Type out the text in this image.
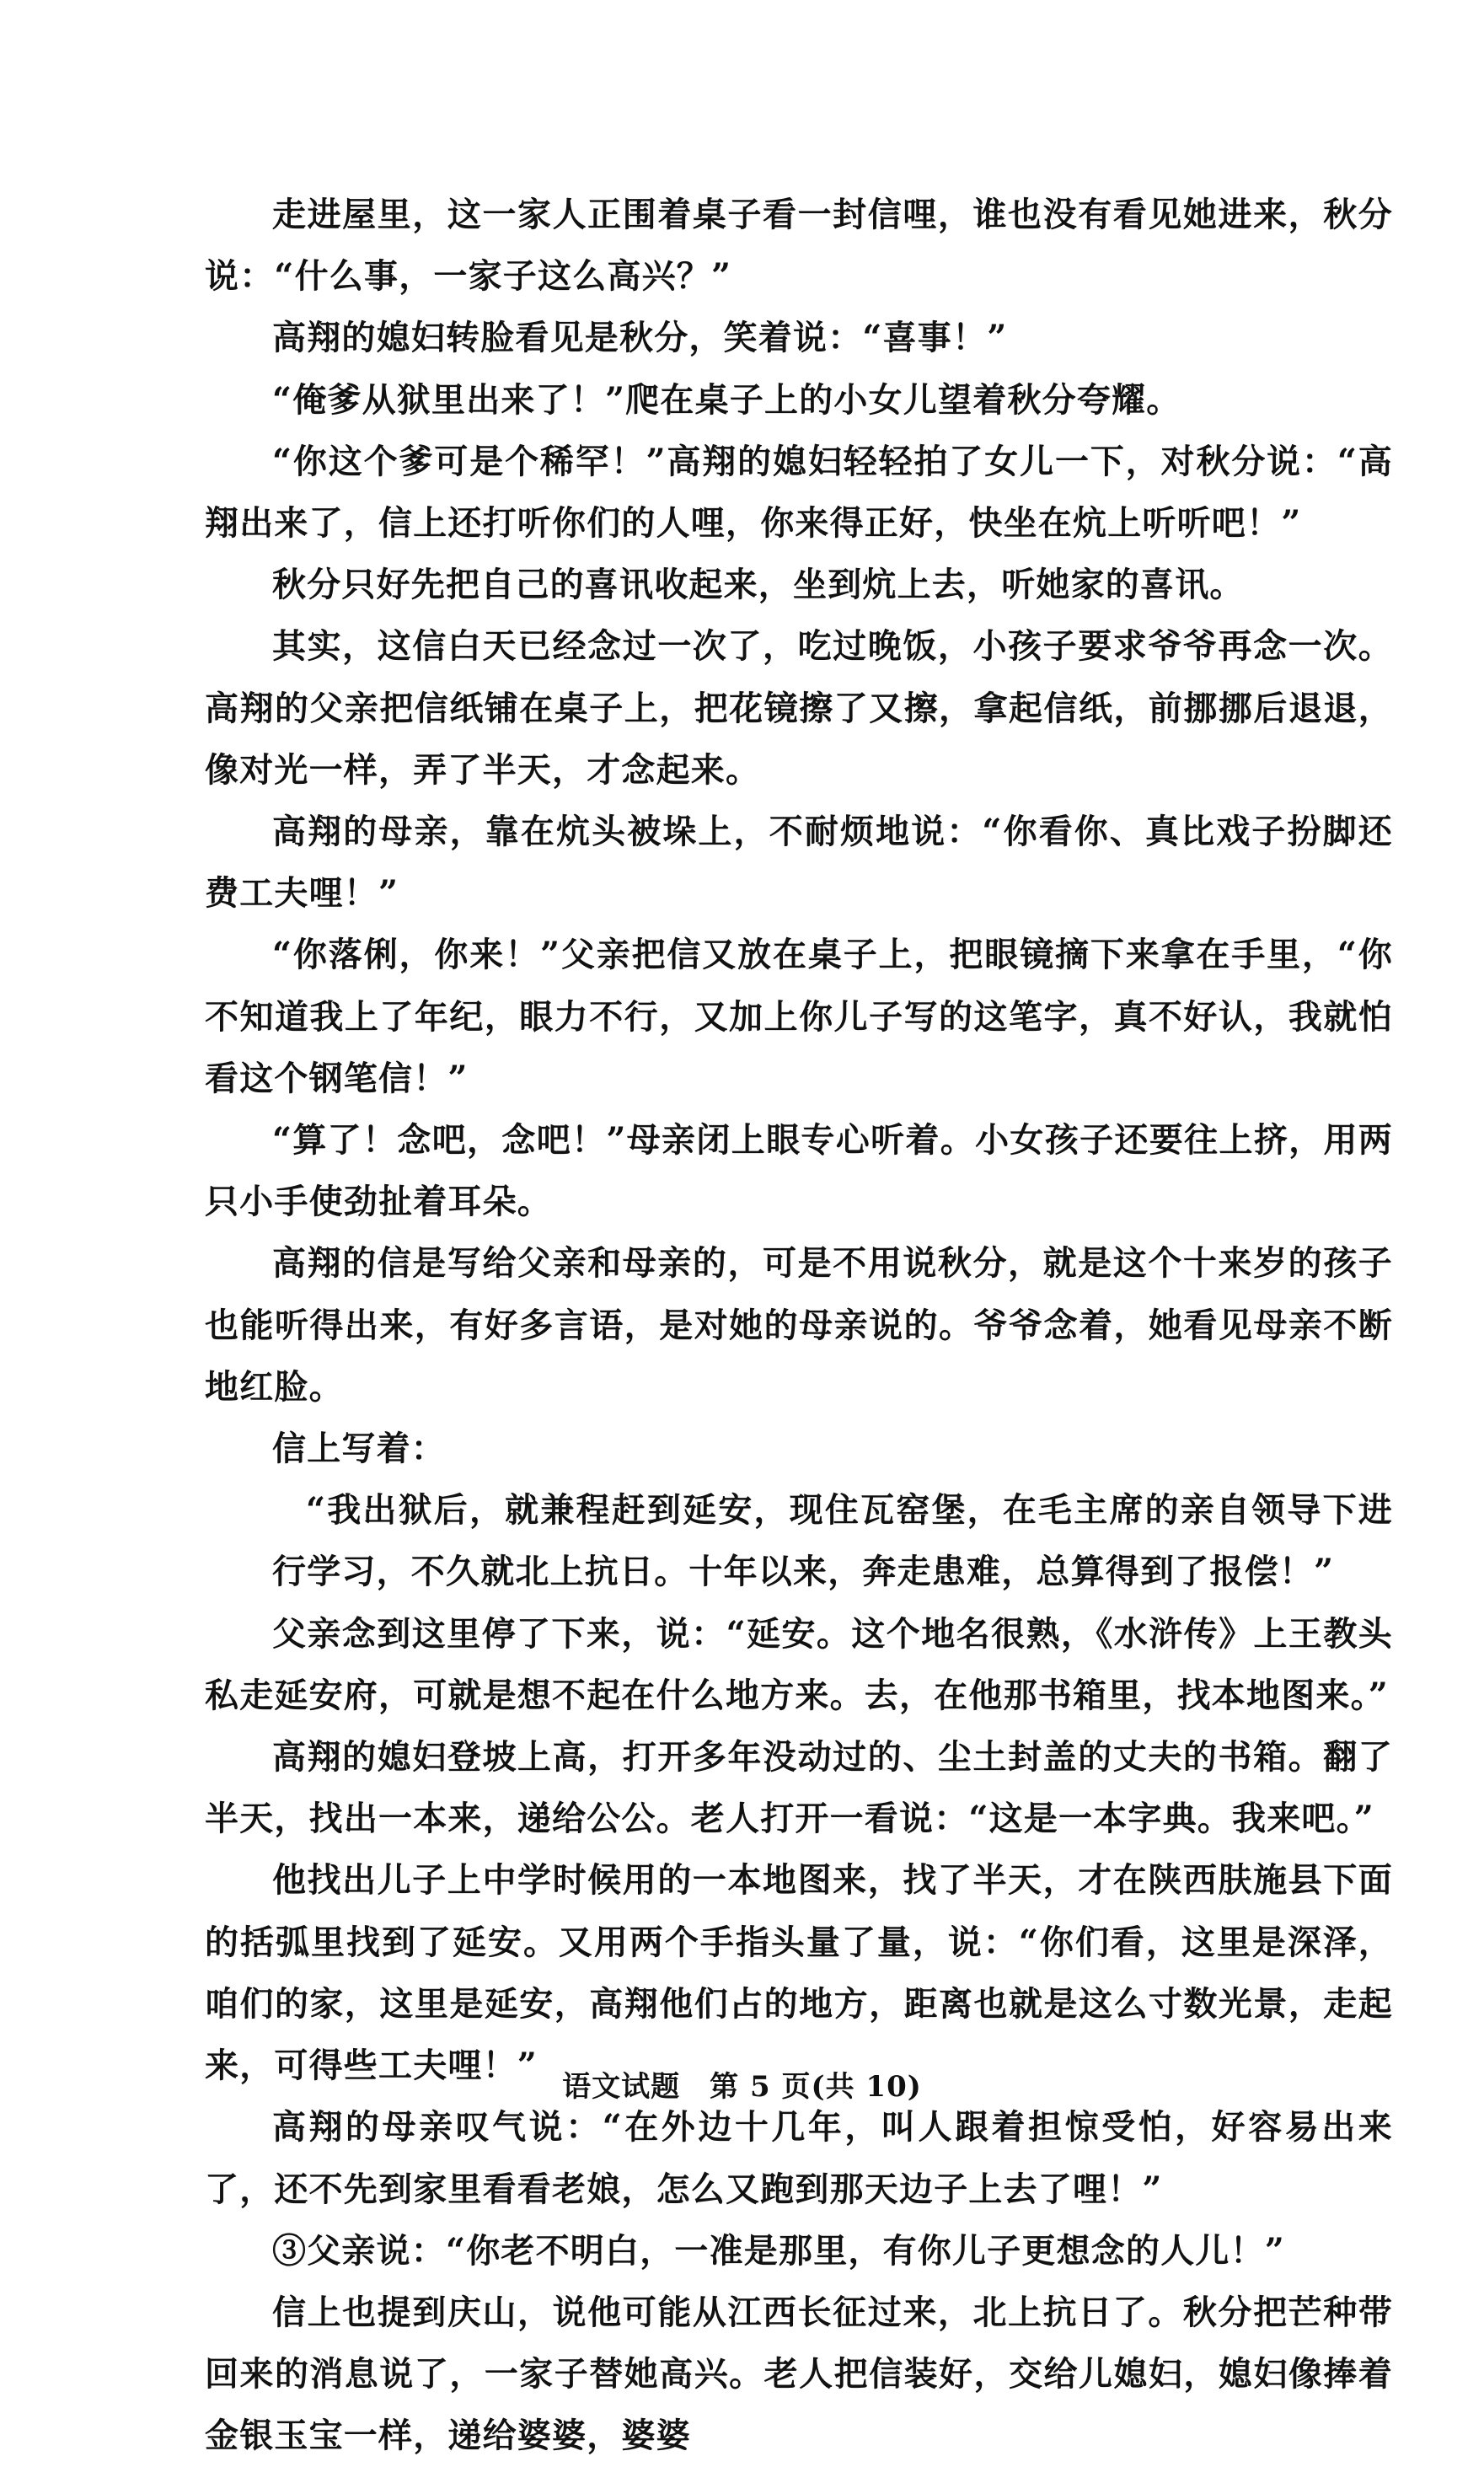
走进屋里，这一家人正围着桌子看一封信哩，谁也没有看见她进来，秋分说：“什么事，一家子这么高兴？”

高翔的媳妇转脸看见是秋分，笑着说：“喜事！”

“俺爹从狱里出来了！”爬在桌子上的小女儿望着秋分夸耀。

“你这个爹可是个稀罕！”高翔的媳妇轻轻拍了女儿一下，对秋分说：“高翔出来了，信上还打听你们的人哩，你来得正好，快坐在炕上听听吧！”

秋分只好先把自己的喜讯收起来，坐到炕上去，听她家的喜讯。

其实，这信白天已经念过一次了，吃过晚饭，小孩子要求爷爷再念一次。高翔的父亲把信纸铺在桌子上，把花镜擦了又擦，拿起信纸，前挪挪后退退，像对光一样，弄了半天，才念起来。

高翔的母亲，靠在炕头被垛上，不耐烦地说：“你看你、真比戏子扮脚还费工夫哩！”

“你落俐，你来！”父亲把信又放在桌子上，把眼镜摘下来拿在手里，“你不知道我上了年纪，眼力不行，又加上你儿子写的这笔字，真不好认，我就怕看这个钢笔信！”

“算了！念吧，念吧！”母亲闭上眼专心听着。小女孩子还要往上挤，用两只小手使劲扯着耳朵。

高翔的信是写给父亲和母亲的，可是不用说秋分，就是这个十来岁的孩子也能听得出来，有好多言语，是对她的母亲说的。爷爷念着，她看见母亲不断地红脸。

信上写着：

“我出狱后，就兼程赶到延安，现住瓦窑堡，在毛主席的亲自领导下进行学习，不久就北上抗日。十年以来，奔走患难，总算得到了报偿！”

父亲念到这里停了下来，说：“延安。这个地名很熟，《水浒传》上王教头私走延安府，可就是想不起在什么地方来。去，在他那书箱里，找本地图来。”

高翔的媳妇登坡上高，打开多年没动过的、尘土封盖的丈夫的书箱。翻了半天，找出一本来，递给公公。老人打开一看说：“这是一本字典。我来吧。”

他找出儿子上中学时候用的一本地图来，找了半天，才在陕西肤施县下面的括弧里找到了延安。又用两个手指头量了量，说：“你们看，这里是深泽，咱们的家，这里是延安，高翔他们占的地方，距离也就是这么寸数光景，走起来，可得些工夫哩！”

高翔的母亲叹气说：“在外边十几年，叫人跟着担惊受怕，好容易出来了，还不先到家里看看老娘，怎么又跑到那天边子上去了哩！”

③父亲说：“你老不明白，一准是那里，有你儿子更想念的人儿！”

信上也提到庆山，说他可能从江西长征过来，北上抗日了。秋分把芒种带回来的消息说了，一家子替她高兴。老人把信装好，交给儿媳妇，媳妇像捧着金银玉宝一样，递给婆婆，婆婆

语文试题　第 5 页(共 10)
